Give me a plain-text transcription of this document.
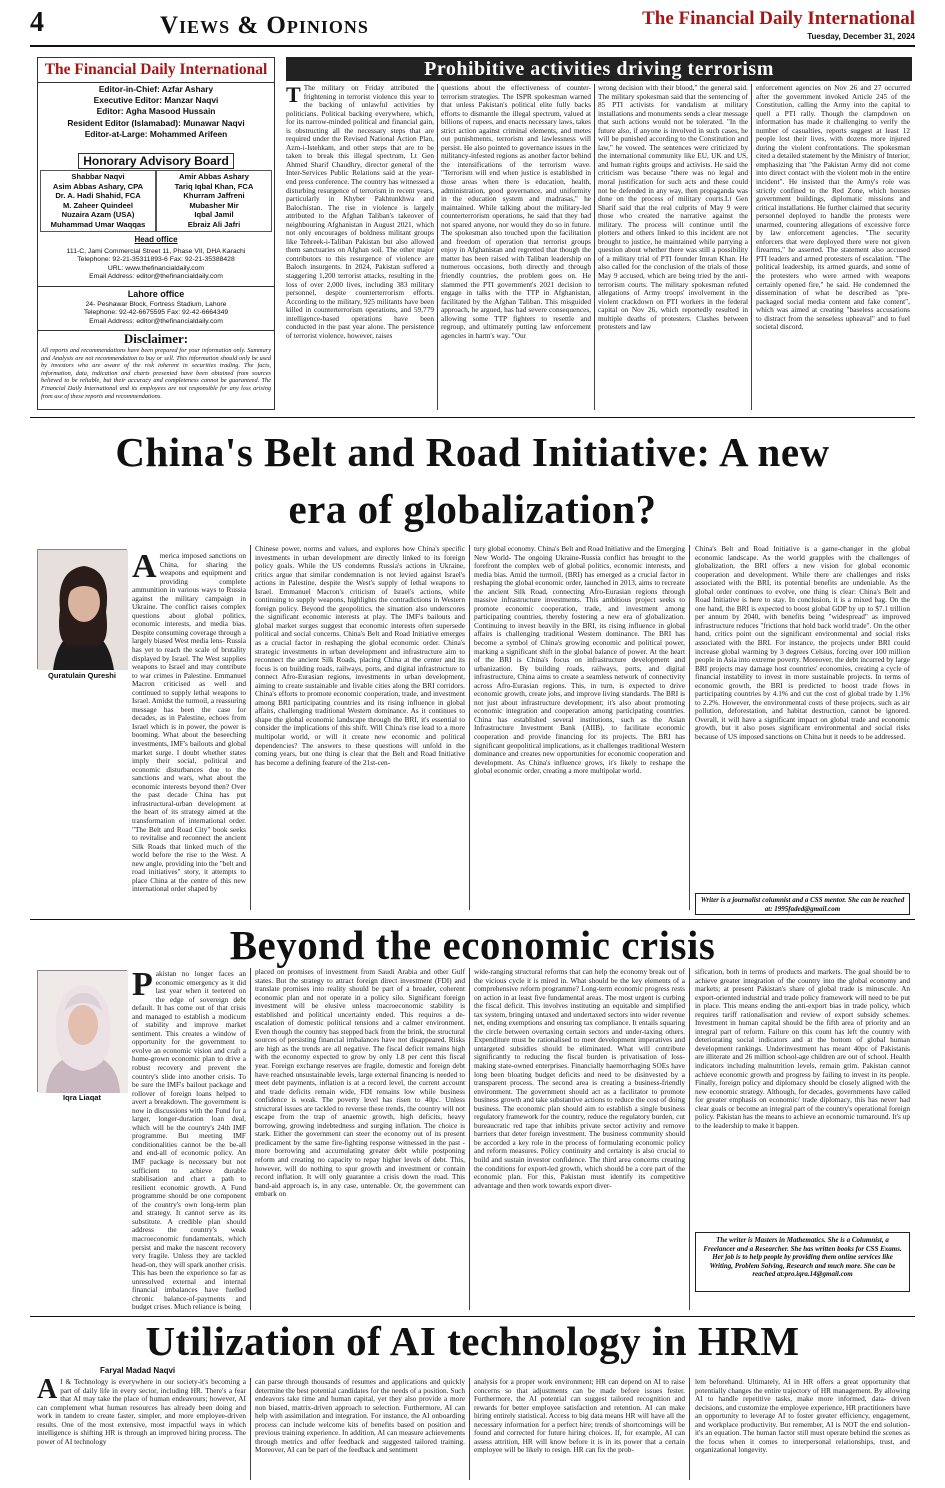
4	Views & Opinions	The Financial Daily International
Tuesday, December 31, 2024
The Financial Daily International

Editor-in-Chief: Azfar Ashary

Executive Editor: Manzar Naqvi

Editor: Agha Masood Hussain

Resident Editor (Islamabad): Munawar Naqvi

Editor-at-Large: Mohammed Arifeen

Honorary Advisory Board
Shabbar Naqvi
Asim Abbas Ashary, CPA
Dr. A. Hadi Shahid, FCA
M. Zaheer Quindeel
Nuzaira Azam (USA)
Muhammad Umar Waqqas
Amir Abbas Ashary
Tariq Iqbal Khan, FCA
Khurram Jaffreni
Mubasher Mir
Iqbal Jamil
Ebraiz Ali Jafri
Head office
111-C, Jami Commercial Street 11, Phase VII, DHA Karachi
Telephone: 92-21-35311893-6 Fax: 92-21-35388428
URL: www.thefinancialdaily.com
Email Address: editor@thefinancialdaily.com
Lahore office
24- Peshawar Block, Fortress Stadium, Lahore
Telephone: 92-42-6675595 Fax: 92-42-6664349
Email Address: editor@thefinancialdaily.com
Disclaimer:
All reports and recommendations have been prepared for your information only. Summary and Analysis are not recommendation to buy or sell. This information should only be used by investors who are aware of the risk inherent in securities trading. The facts, information, data, indication and charts presented have been obtained from sources believed to be reliable, but their accuracy and completeness cannot be guaranteed. The Financial Daily International and its employees are not responsible for any loss arising from use of these reports and recommendations.
Prohibitive activities driving terrorism
T The military on Friday attributed the frightening in terrorist violence this year to the backing of unlawful activities by politicians. Political backing everywhere, which, for its narrow-minded political and financial gain, is obstructing all the necessary steps that are required under the Revised National Action Plan, Azm-i-Istehkam, and other steps that are to be taken to break this illegal spectrum, Lt Gen Ahmed Sharif Chaudhry, director general of the Inter-Services Public Relations said at the year-end press conference. The country has witnessed a disturbing resurgence of terrorism in recent years, particularly in Khyber Pakhtunkhwa and Balochistan. The rise in violence is largely attributed to the Afghan Taliban's takeover of neighbouring Afghanistan in August 2021, which not only encourages of boldness militant groups like Tehreek-i-Taliban Pakistan but also allowed them sanctuaries on Afghan soil. The other major contributors to this resurgence of violence are Baloch insurgents. In 2024, Pakistan suffered a staggering 1,200 terrorist attacks, resulting in the loss of over 2,000 lives, including 383 military personnel, despite counterterrorism efforts. According to the military, 925 militants have been killed in counterterrorism operations, and 59,779 intelligence-based operations have been conducted in the past year alone. The persistence of terrorist violence, however, raises
questions about the effectiveness of counter-terrorism strategies. The ISPR spokesman warned that unless Pakistan's political elite fully backs efforts to dismantle the illegal spectrum, valued at billions of rupees, and enacts necessary laws, takes strict action against criminal elements, and metes out punishments, terrorism and lawlessness will persist. He also pointed to governance issues in the militancy-infested regions as another factor behind the intensifications of the terrorism wave. "Terrorism will end when justice is established in those areas when there is education, health, administration, good governance, and uniformity in the education system and madrasas," he maintained. While talking about the military-led counterterrorism operations, he said that they had not spared anyone, nor would they do so in future. The spokesman also touched upon the facilitation and freedom of operation that terrorist groups enjoy in Afghanistan and regretted that though the matter has been raised with Taliban leadership on numerous occasions, both directly and through friendly countries, the problem goes on. He slammed the PTI government's 2021 decision to engage in talks with the TTP in Afghanistan, facilitated by the Afghan Taliban. This misguided approach, he argued, has had severe consequences, allowing some TTP fighters to resettle and regroup, and ultimately putting law enforcement agencies in harm's way. "Our
wrong decision with their blood," the general said. The military spokesman said that the sentencing of 85 PTI activists for vandalism at military installations and monuments sends a clear message that such actions would not be tolerated. "In the future also, if anyone is involved in such cases, he will be punished according to the Constitution and law," he vowed. The sentences were criticized by the international community like EU, UK and US, and human rights groups and activists. He said the criticism was because "there was no legal and moral justification for such acts and these could not be defended in any way, then propaganda was done on the process of military courts.Lt Gen Sharif said that the real culprits of May 9 were those who created the narrative against the military. The process will continue until the plotters and others linked to this incident are not brought to justice, he maintained while parrying a question about whether there was still a possibility of a military trial of PTI founder Imran Khan. He also called for the conclusion of the trials of those May 9 accused, which are being tried by the anti-terrorism courts. The military spokesman refuted allegations of Army troops' involvement in the violent crackdown on PTI workers in the federal capital on Nov 26, which reportedly resulted in multiple deaths of protesters. Clashes between protesters and law
enforcement agencies on Nov 26 and 27 occurred after the government invoked Article 245 of the Constitution, calling the Army into the capital to quell a PTI rally. Though the clampdown on information has made it challenging to verify the number of casualties, reports suggest at least 12 people lost their lives, with dozens more injured during the violent confrontations. The spokesman cited a detailed statement by the Ministry of Interior, emphasizing that "the Pakistan Army did not come into direct contact with the violent mob in the entire incident". He insisted that the Army's role was strictly confined to the Red Zone, which houses government buildings, diplomatic missions and critical installations. He further claimed that security personnel deployed to handle the protests were unarmed, countering allegations of excessive force by law enforcement agencies. "The security enforcers that were deployed there were not given firearms," he asserted. The statement also accused PTI leaders and armed protesters of escalation. "The political leadership, its armed guards, and some of the protesters who were armed with weapons certainly opened fire," he said. He condemned the dissemination of what he described as "pre-packaged social media content and fake content", which was aimed at creating "baseless accusations to distract from the senseless upheaval" and to fuel societal discord.
China's Belt and Road Initiative: A new
era of globalization?
Quratulain Qureshi
America imposed sanctions on China, for sharing the weapons and equipment and providing complete ammunition in various ways to Russia against the military campaign in Ukraine. The conflict raises complex questions about global politics, economic interests, and media bias. Despite consuming coverage through a largely biased West media lens- Russia has yet to reach the scale of brutality displayed by Israel. The West supplies weapons to Israel and may contribute to war crimes in Palestine. Emmanuel Macron criticised as well and continued to supply lethal weapons to Israel. Amidst the turmoil, a reassuring message has been the case for decades, as in Palestine, echoes from Israel which is in power, the power is booming. What about the beseeching investments, IMF's bailouts and global market surge. I doubt whether states imply their social, political and economic disturbances due to the sanctions and wars, what about the economic interests beyond then? Over the past decade China has put infrastructural-urban development at the heart of its strategy aimed at the transformation of international order. "The Belt and Road City" book seeks to revitalise and reconnect the ancient Silk Roads that linked much of the world before the rise to the West. A new angle, providing into the "belt and road initiatives" story, it attempts to place China at the centre of this new international order shaped by
Chinese power, norms and values, and explores how China's specific investments in urban development are directly linked to its foreign policy goals. While the US condemns Russia's actions in Ukraine, critics argue that similar condemnation is not levied against Israel's actions in Palestine, despite the West's supply of lethal weapons to Israel. Emmanuel Macron's criticism of Israel's actions, while continuing to supply weapons, highlights the contradictions in Western foreign policy. Beyond the geopolitics, the situation also underscores the significant economic interests at play. The IMF's bailouts and global market surges suggest that economic interests often supersede political and social concerns. China's Belt and Road Initiative emerges as a crucial factor in reshaping the global economic order. China's strategic investments in urban development and infrastructure aim to reconnect the ancient Silk Roads, placing China at the center and its focus is on building roads, railways, ports, and digital infrastructure to connect Afro-Eurasian regions, investments in urban development, aiming to create sustainable and livable cities along the BRI corridors. China's efforts to promote economic cooperation, trade, and investment among BRI participating countries and its rising influence in global affairs, challenging traditional Western dominance. As it continues to shape the global economic landscape through the BRI, it's essential to consider the implications of this shift. Will China's rise lead to a more multipolar world, or will it create new economic and political dependencies? The answers to these questions will unfold in the coming years, but one thing is clear that the Belt and Road Initiative has become a defining feature of the 21st-cen-
tury global economy. China's Belt and Road Initiative and the Emerging New World- The ongoing Ukraine-Russia conflict has brought to the forefront the complex web of global politics, economic interests, and media bias. Amid the turmoil, (BRI) has emerged as a crucial factor in reshaping the global economic order, launched in 2013, aims to recreate the ancient Silk Road, connecting Afro-Eurasian regions through massive infrastructure investments. This ambitious project seeks to promote economic cooperation, trade, and investment among participating countries, thereby fostering a new era of globalization. Continuing to invest heavily in the BRI, its rising influence in global affairs is challenging traditional Western dominance. The BRI has become a symbol of China's growing economic and political power, marking a significant shift in the global balance of power. At the heart of the BRI is China's focus on infrastructure development and urbanization. By building roads, railways, ports, and digital infrastructure, China aims to create a seamless network of connectivity across Afro-Eurasian regions. This, in turn, is expected to drive economic growth, create jobs, and improve living standards. The BRI is not just about infrastructure development; it's also about promoting economic integration and cooperation among participating countries. China has established several institutions, such as the Asian Infrastructure Investment Bank (AIIB), to facilitate economic cooperation and provide financing for its projects. The BRI has significant geopolitical implications, as it challenges traditional Western dominance and creates new opportunities for economic cooperation and development. As China's influence grows, it's likely to reshape the global economic order, creating a more multipolar world.
China's Belt and Road Initiative is a game-changer in the global economic landscape. As the world grapples with the challenges of globalization, the BRI offers a new vision for global economic cooperation and development. While there are challenges and risks associated with the BRI, its potential benefits are undeniable. As the global order continues to evolve, one thing is clear: China's Belt and Road Initiative is here to stay. In conclusion, it is a mixed bag. On the one hand, the BRI is expected to boost global GDP by up to $7.1 trillion per annum by 2040, with benefits being "widespread" as improved infrastructure reduces "frictions that hold back world trade". On the other hand, critics point out the significant environmental and social risks associated with the BRI. For instance, the projects under BRI could increase global warming by 3 degrees Celsius, forcing over 100 million people in Asia into extreme poverty. Moreover, the debt incurred by large BRI projects may damage host countries' economies, creating a cycle of financial instability to invest in more sustainable projects. In terms of economic growth, the BRI is predicted to boost trade flows in participating countries by 4.1% and cut the cost of global trade by 1.1% to 2.2%. However, the environmental costs of these projects, such as air pollution, deforestation, and habitat destruction, cannot be ignored. Overall, it will have a significant impact on global trade and economic growth, but it also poses significant environmental and social risks because of US imposed sanctions on China but it needs to be addressed.
Writer is a journalist columnist and a CSS mentor. She can be reached at: 1995faded@gmail.com
Beyond the economic crisis
Iqra Liaqat
Pakistan no longer faces an economic emergency as it did last year when it teetered on the edge of sovereign debt default. It has come out of that crisis and managed to establish a modicum of stability and improve market sentiment. This creates a window of opportunity for the government to evolve an economic vision and craft a home-grown economic plan to drive a robust recovery and prevent the country's slide into another crisis. To be sure the IMF's bailout package and rollover of foreign loans helped to avert a breakdown. The government is now in discussions with the Fund for a larger, longer-duration loan deal, which will be the country's 24th IMF programme. But meeting IMF conditionalities cannot be the be-all and end-all of economic policy. An IMF package is necessary but not sufficient to achieve durable stabilisation and chart a path to resilient economic growth. A Fund programme should be one component of the country's own long-term plan and strategy. It cannot serve as its substitute. A credible plan should address the country's weak macroeconomic fundamentals, which persist and make the nascent recovery very fragile. Unless they are tackled head-on, they will spark another crisis. This has been the experience so far as unresolved external and internal financial imbalances have fuelled chronic balance-of-payments and budget crises. Much reliance is being
placed on promises of investment from Saudi Arabia and other Gulf states. But the strategy to attract foreign direct investment (FDI) and translate promises into reality should be part of a broader, coherent economic plan and not operate in a policy silo. Significant foreign investment will be elusive unless macroeconomic stability is established and political uncertainty ended. This requires a de-escalation of domestic political tensions and a calmer environment. Even though the country has stepped back from the brink, the structural sources of persisting financial imbalances have not disappeared. Risks are high as the trends are all negative. The fiscal deficit remains high with the economy expected to grow by only 1.8 per cent this fiscal year. Foreign exchange reserves are fragile, domestic and foreign debt have reached unsustainable levels, large external financing is needed to meet debt payments, inflation is at a record level, the current account and trade deficits remain wide, FDI remains low while business confidence is weak. The poverty level has risen to 40pc. Unless structural issues are tackled to reverse these trends, the country will not escape from the trap of anaemic growth, high deficits, heavy borrowing, growing indebtedness and surging inflation. The choice is stark. Either the government can steer the economy out of its present predicament by the same fire-fighting response witnessed in the past - more borrowing and accumulating greater debt while postponing reform and creating no capacity to repay higher levels of debt. This, however, will do nothing to spur growth and investment or contain record inflation. It will only guarantee a crisis down the road. This band-aid approach is, in any case, untenable. Or, the government can embark on
wide-ranging structural reforms that can help the economy break out of the vicious cycle it is mired in. What should be the key elements of a comprehensive reform programme? Long-term economic progress rests on action in at least five fundamental areas. The most urgent is curbing the fiscal deficit. This involves instituting an equitable and simplified tax system, bringing untaxed and undertaxed sectors into wider revenue net, ending exemptions and ensuring tax compliance. It entails squaring the circle between overtaxing certain sectors and under-taxing others. Expenditure must be rationalised to meet development imperatives and untargeted subsidies should be eliminated. What will contribute significantly to reducing the fiscal burden is privatisation of loss-making state-owned enterprises. Financially haemorrhaging SOEs have long been bloating budget deficits and need to be disinvested by a transparent process. The second area is creating a business-friendly environment. The government should act as a facilitator to promote business growth and take substantive actions to reduce the cost of doing business. The economic plan should aim to establish a single business regulatory framework for the country, reduce the regulatory burden, cut bureaucratic red tape that inhibits private sector activity and remove barriers that deter foreign investment. The business community should be accorded a key role in the process of formulating economic policy and reform measures. Policy continuity and certainty is also crucial to build and sustain investor confidence. The third area concerns creating the conditions for export-led growth, which should be a core part of the economic plan. For this, Pakistan must identify its competitive advantage and then work towards export diver-
sification, both in terms of products and markets. The goal should be to achieve greater integration of the country into the global economy and markets; at present Pakistan's share of global trade is minuscule. An export-oriented industrial and trade policy framework will need to be put in place. This means ending the anti-export bias in trade policy, which requires tariff rationalisation and review of export subsidy schemes. Investment in human capital should be the fifth area of priority and an integral part of reform. Failure on this count has left the country with deteriorating social indicators and at the bottom of global human development rankings. Underinvestment has meant 40pc of Pakistanis are illiterate and 26 million school-age children are out of school. Health indicators including malnutrition levels, remain grim. Pakistan cannot achieve economic growth and progress by failing to invest in its people. Finally, foreign policy and diplomacy should be closely aligned with the new economic strategy. Although, for decades, governments have called for greater emphasis on economic/ trade diplomacy, this has never had clear goals or become an integral part of the country's operational foreign policy. Pakistan has the means to achieve an economic turnaround. It's up to the leadership to make it happen.
The writer is Masters in Mathematics. She is a Columnist, a Freelancer and a Researcher. She has written books for CSS Exams. Her job is to help people by providing them online services like Writing, Problem Solving, Research and much more. She can be reached at:pro.iqra.14@gmail.com
Utilization of AI technology in HRM
Faryal Madad Naqvi
A I & Technology is everywhere in our society-it's becoming a part of daily life in every sector, including HR. There's a fear that AI may take the place of human endeavours; however, AI can complement what human resources has already been doing and work in tandem to create faster, simpler, and more employee-driven results. One of the most extensive, most impactful ways in which intelligence is shifting HR is through an improved hiring process. The power of AI technology
can parse through thousands of resumes and applications and quickly determine the best potential candidates for the needs of a position. Such endeavors take time and human capital, yet they also provide a more non biased, matrix-driven approach to selection. Furthermore, AI can help with assimilation and integration. For instance, the AI onboarding process can include welcome kits of benefits based on position and previous training experience. In addition, AI can measure achievements through metrics and offer feedback and suggested tailored training. Moreover, AI can be part of the feedback and sentiment
analysis for a proper work environment; HR can depend on AI to raise concerns so that adjustments can be made before issues fester. Furthermore, the AI potential can suggest tailored recognition and rewards for better employee satisfaction and retention. AI can make hiring entirely statistical. Access to big data means HR will have all the necessary information for a perfect hire; trends of shortcomings will be found and corrected for future hiring choices. If, for example, AI can assess attrition, HR will know before it is in its power that a certain employee will be likely to resign. HR can fix the prob-
lem beforehand. Ultimately, AI in HR offers a great opportunity that potentially changes the entire trajectory of HR management. By allowing AI to handle repetitive tasks, make more informed, data- driven decisions, and customize the employee experience, HR practitioners have an opportunity to leverage AI to foster greater efficiency, engagement, and workplace productivity. But remember, AI is NOT the end solution-it's an equation. The human factor still must operate behind the scenes as the focus when it comes to interpersonal relationships, trust, and organizational longevity.
